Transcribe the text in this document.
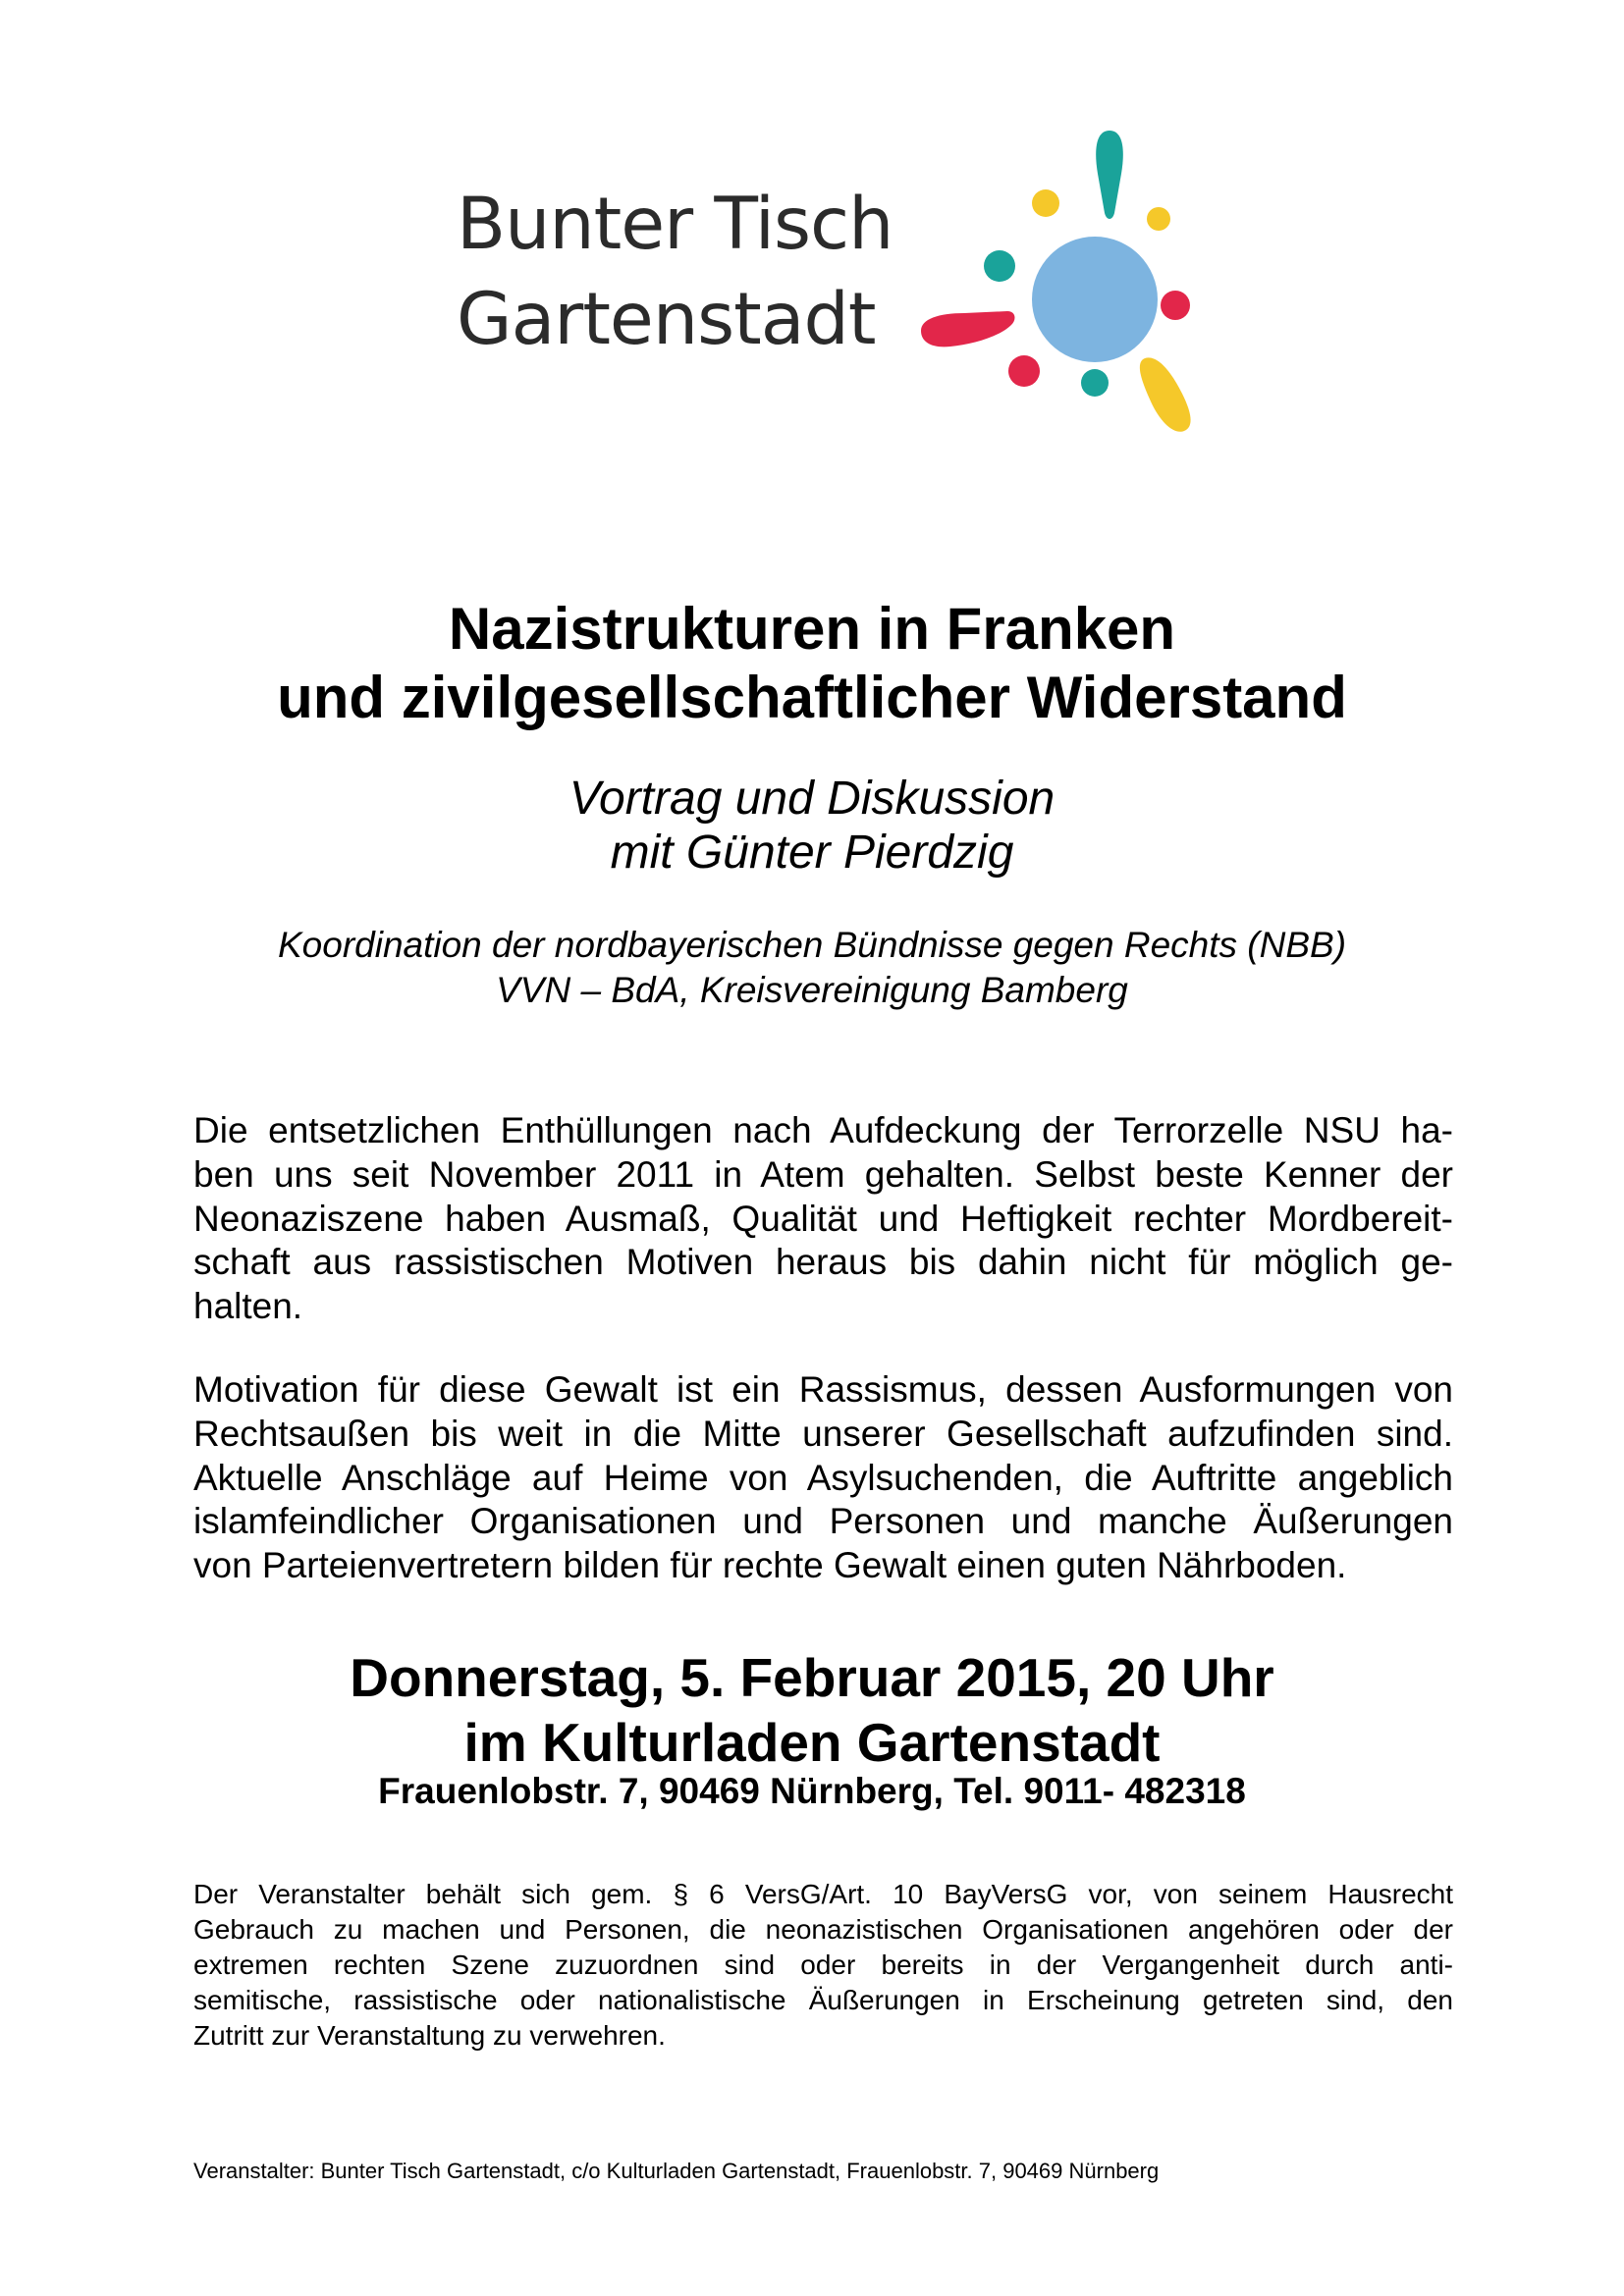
Bunter Tisch
Gartenstadt
Nazistrukturen in Franken
und zivilgesellschaftlicher Widerstand
Vortrag und Diskussion
mit Günter Pierdzig
Koordination der nordbayerischen Bündnisse gegen Rechts (NBB)
VVN – BdA, Kreisvereinigung Bamberg
Die entsetzlichen Enthüllungen nach Aufdeckung der Terrorzelle NSU ha-
ben uns seit November 2011 in Atem gehalten. Selbst beste Kenner der
Neonaziszene haben Ausmaß, Qualität und Heftigkeit rechter Mordbereit-
schaft aus rassistischen Motiven heraus bis dahin nicht für möglich ge-
halten.
Motivation für diese Gewalt ist ein Rassismus, dessen Ausformungen von
Rechtsaußen bis weit in die Mitte unserer Gesellschaft aufzufinden sind.
Aktuelle Anschläge auf Heime von Asylsuchenden, die Auftritte angeblich
islamfeindlicher Organisationen und Personen und manche Äußerungen
von Parteienvertretern bilden für rechte Gewalt einen guten Nährboden.
Donnerstag, 5. Februar 2015, 20 Uhr
im Kulturladen Gartenstadt
Frauenlobstr. 7, 90469 Nürnberg, Tel. 9011- 482318
Der Veranstalter behält sich gem. § 6 VersG/Art. 10 BayVersG vor, von seinem Hausrecht
Gebrauch zu machen und Personen, die neonazistischen Organisationen angehören oder der
extremen rechten Szene zuzuordnen sind oder bereits in der Vergangenheit durch anti-
semitische, rassistische oder nationalistische Äußerungen in Erscheinung getreten sind, den
Zutritt zur Veranstaltung zu verwehren.
Veranstalter: Bunter Tisch Gartenstadt, c/o Kulturladen Gartenstadt, Frauenlobstr. 7, 90469 Nürnberg
